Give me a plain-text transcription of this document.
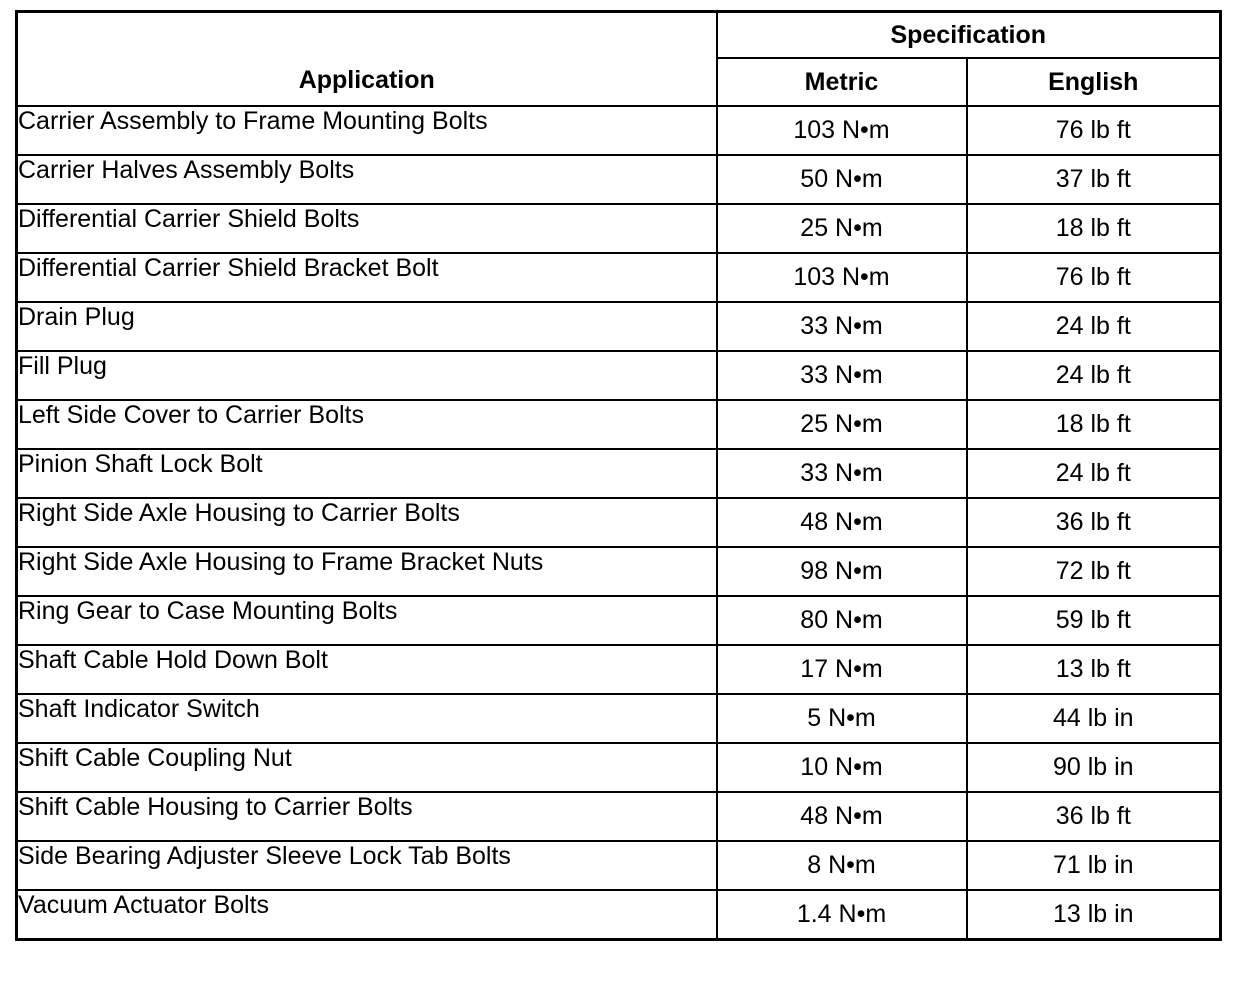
Application	Specification	
	Metric	English
Carrier Assembly to Frame Mounting Bolts	103 N•m	76 lb ft
Carrier Halves Assembly Bolts	50 N•m	37 lb ft
Differential Carrier Shield Bolts	25 N•m	18 lb ft
Differential Carrier Shield Bracket Bolt	103 N•m	76 lb ft
Drain Plug	33 N•m	24 lb ft
Fill Plug	33 N•m	24 lb ft
Left Side Cover to Carrier Bolts	25 N•m	18 lb ft
Pinion Shaft Lock Bolt	33 N•m	24 lb ft
Right Side Axle Housing to Carrier Bolts	48 N•m	36 lb ft
Right Side Axle Housing to Frame Bracket Nuts	98 N•m	72 lb ft
Ring Gear to Case Mounting Bolts	80 N•m	59 lb ft
Shaft Cable Hold Down Bolt	17 N•m	13 lb ft
Shaft Indicator Switch	5 N•m	44 lb in
Shift Cable Coupling Nut	10 N•m	90 lb in
Shift Cable Housing to Carrier Bolts	48 N•m	36 lb ft
Side Bearing Adjuster Sleeve Lock Tab Bolts	8 N•m	71 lb in
Vacuum Actuator Bolts	1.4 N•m	13 lb in
